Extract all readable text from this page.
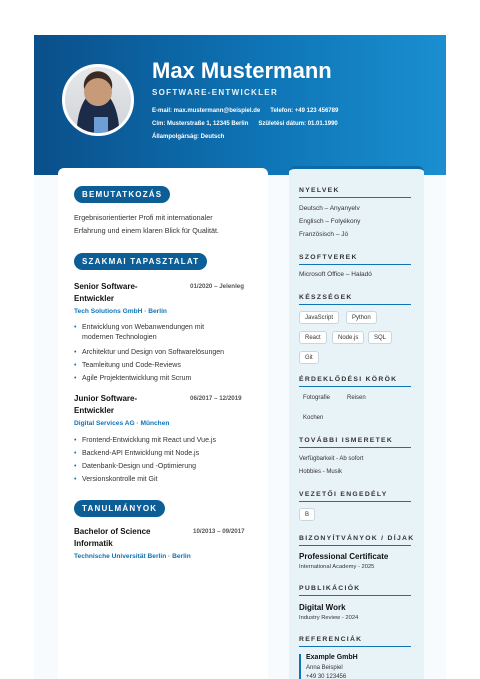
Max Mustermann
SOFTWARE-ENTWICKLER
E-mail: max.mustermann@beispiel.de Telefon: +49 123 456789
Cím: Musterstraße 1, 12345 Berlin Születési dátum: 01.01.1990
Állampolgárság: Deutsch
BEMUTATKOZÁS
Ergebnisorientierter Profi mit internationaler
Erfahrung und einem klaren Blick für Qualität.
SZAKMAI TAPASZTALAT
Senior Software-
Entwickler
01/2020 – Jelenleg
Tech Solutions GmbH · Berlin
• Entwicklung von Webanwendungen mit
modernen Technologien
• Architektur und Design von Softwarelösungen
• Teamleitung und Code-Reviews
• Agile Projektentwicklung mit Scrum
Junior Software-
Entwickler
06/2017 – 12/2019
Digital Services AG · München
• Frontend-Entwicklung mit React und Vue.js
• Backend-API Entwicklung mit Node.js
• Datenbank-Design und -Optimierung
• Versionskontrolle mit Git
TANULMÁNYOK
Bachelor of Science
Informatik
10/2013 – 09/2017
Technische Universität Berlin · Berlin
NYELVEK
Deutsch – Anyanyelv
Englisch – Folyékony
Französisch – Jó
SZOFTVEREK
Microsoft Office – Haladó
KÉSZSÉGEK
JavaScript	Python
React	Node.js	SQL
Git
ÉRDEKLŐDÉSI KÖRÖK
Fotografie	Reisen
Kochen
TOVÁBBI ISMERETEK
Verfügbarkeit - Ab sofort
Hobbies - Musik
VEZETŐI ENGEDÉLY
B
BIZONYÍTVÁNYOK / DÍJAK
Professional Certificate
International Academy - 2025
PUBLIKÁCIÓK
Digital Work
Industry Review - 2024
REFERENCIÁK
Example GmbH
Anna Beispiel
+49 30 123456
